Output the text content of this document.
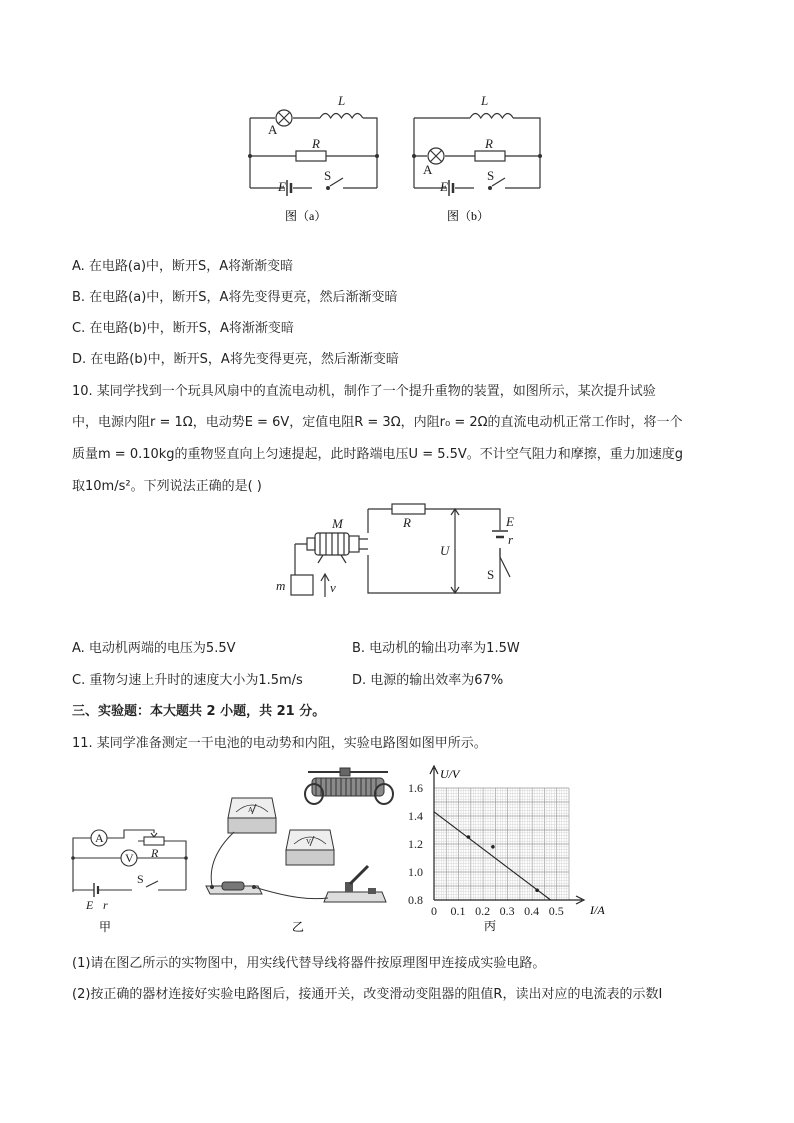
L
A
R
E
S
L
A
R
E
S
图（a）	图（b）
A. 在电路(a)中，断开S，A将渐渐变暗
B. 在电路(a)中，断开S，A将先变得更亮，然后渐渐变暗
C. 在电路(b)中，断开S，A将渐渐变暗
D. 在电路(b)中，断开S，A将先变得更亮，然后渐渐变暗
10. 某同学找到一个玩具风扇中的直流电动机，制作了一个提升重物的装置，如图所示，某次提升试验
中，电源内阻r = 1Ω，电动势E = 6V，定值电阻R = 3Ω，内阻r₀ = 2Ω的直流电动机正常工作时，将一个
质量m = 0.10kg的重物竖直向上匀速提起，此时路端电压U = 5.5V。不计空气阻力和摩擦，重力加速度g
取10m/s²。下列说法正确的是( )
M	R	E
r
U
S
m	v
A. 电动机两端的电压为5.5V	B. 电动机的输出功率为1.5W
C. 重物匀速上升时的速度大小为1.5m/s	D. 电源的输出效率为67%
三、实验题：本大题共 2 小题，共 21 分。
11. 某同学准备测定一干电池的电动势和内阻，实验电路图如图甲所示。
A
V R
S
E r
甲
A
V
乙
1.6
1.4
1.2
1.0
0.8
0 0.1 0.2 0.3 0.4 0.5
U/V
I/A
丙
(1)请在图乙所示的实物图中，用实线代替导线将器件按原理图甲连接成实验电路。
(2)按正确的器材连接好实验电路图后，接通开关，改变滑动变阻器的阻值R，读出对应的电流表的示数I
